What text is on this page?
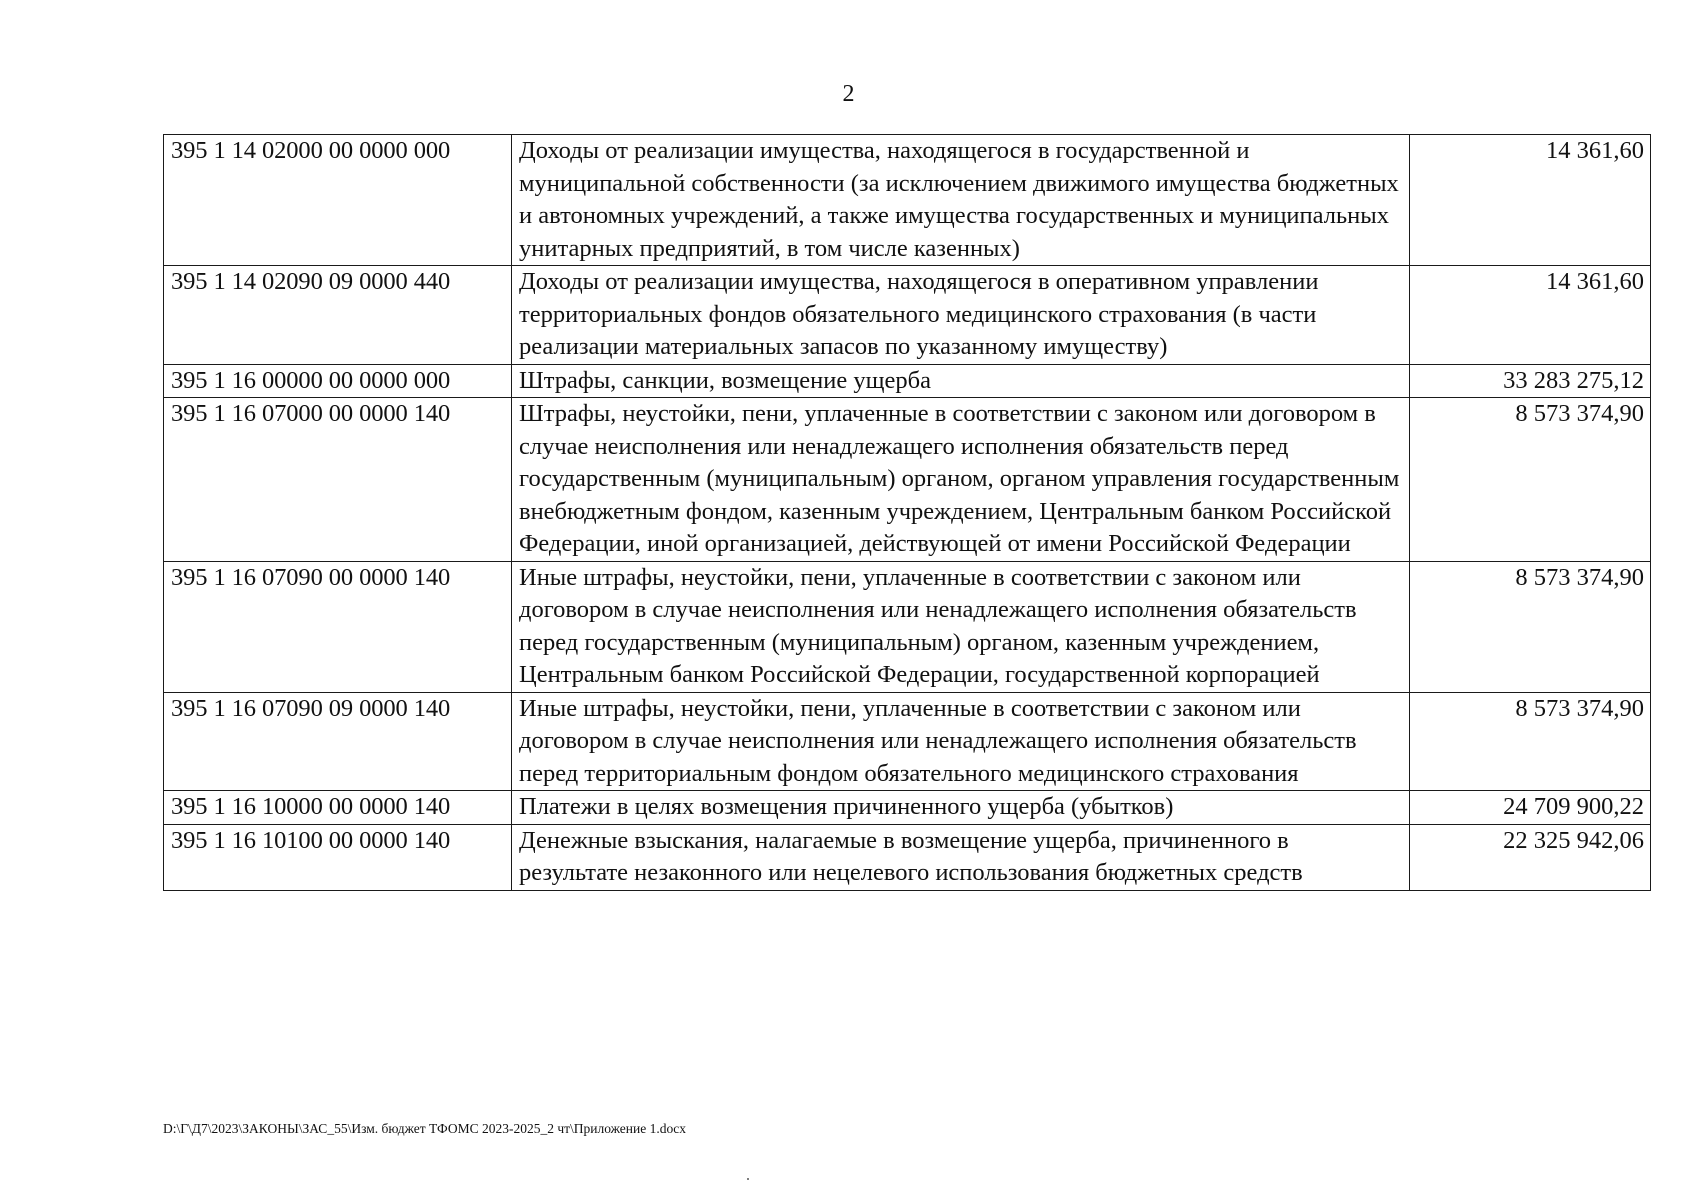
2
395 1 14 02000 00 0000 000	Доходы от реализации имущества, находящегося в государственной и муниципальной собственности (за исключением движимого имущества бюджетных и автономных учреждений, а также имущества государственных и муниципальных унитарных предприятий, в том числе казенных)	14 361,60
395 1 14 02090 09 0000 440	Доходы от реализации имущества, находящегося в оперативном управлении территориальных фондов обязательного медицинского страхования (в части реализации материальных запасов по указанному имуществу)	14 361,60
395 1 16 00000 00 0000 000	Штрафы, санкции, возмещение ущерба	33 283 275,12
395 1 16 07000 00 0000 140	Штрафы, неустойки, пени, уплаченные в соответствии с законом или договором в случае неисполнения или ненадлежащего исполнения обязательств перед государственным (муниципальным) органом, органом управления государственным внебюджетным фондом, казенным учреждением, Центральным банком Российской Федерации, иной организацией, действующей от имени Российской Федерации	8 573 374,90
395 1 16 07090 00 0000 140	Иные штрафы, неустойки, пени, уплаченные в соответствии с законом или договором в случае неисполнения или ненадлежащего исполнения обязательств перед государственным (муниципальным) органом, казенным учреждением, Центральным банком Российской Федерации, государственной корпорацией	8 573 374,90
395 1 16 07090 09 0000 140	Иные штрафы, неустойки, пени, уплаченные в соответствии с законом или договором в случае неисполнения или ненадлежащего исполнения обязательств перед территориальным фондом обязательного медицинского страхования	8 573 374,90
395 1 16 10000 00 0000 140	Платежи в целях возмещения причиненного ущерба (убытков)	24 709 900,22
395 1 16 10100 00 0000 140	Денежные взыскания, налагаемые в возмещение ущерба, причиненного в результате незаконного или нецелевого использования бюджетных средств	22 325 942,06
D:\Г\Д7\2023\ЗАКОНЫ\ЗАС_55\Изм. бюджет ТФОМС 2023-2025_2 чт\Приложение 1.docx
